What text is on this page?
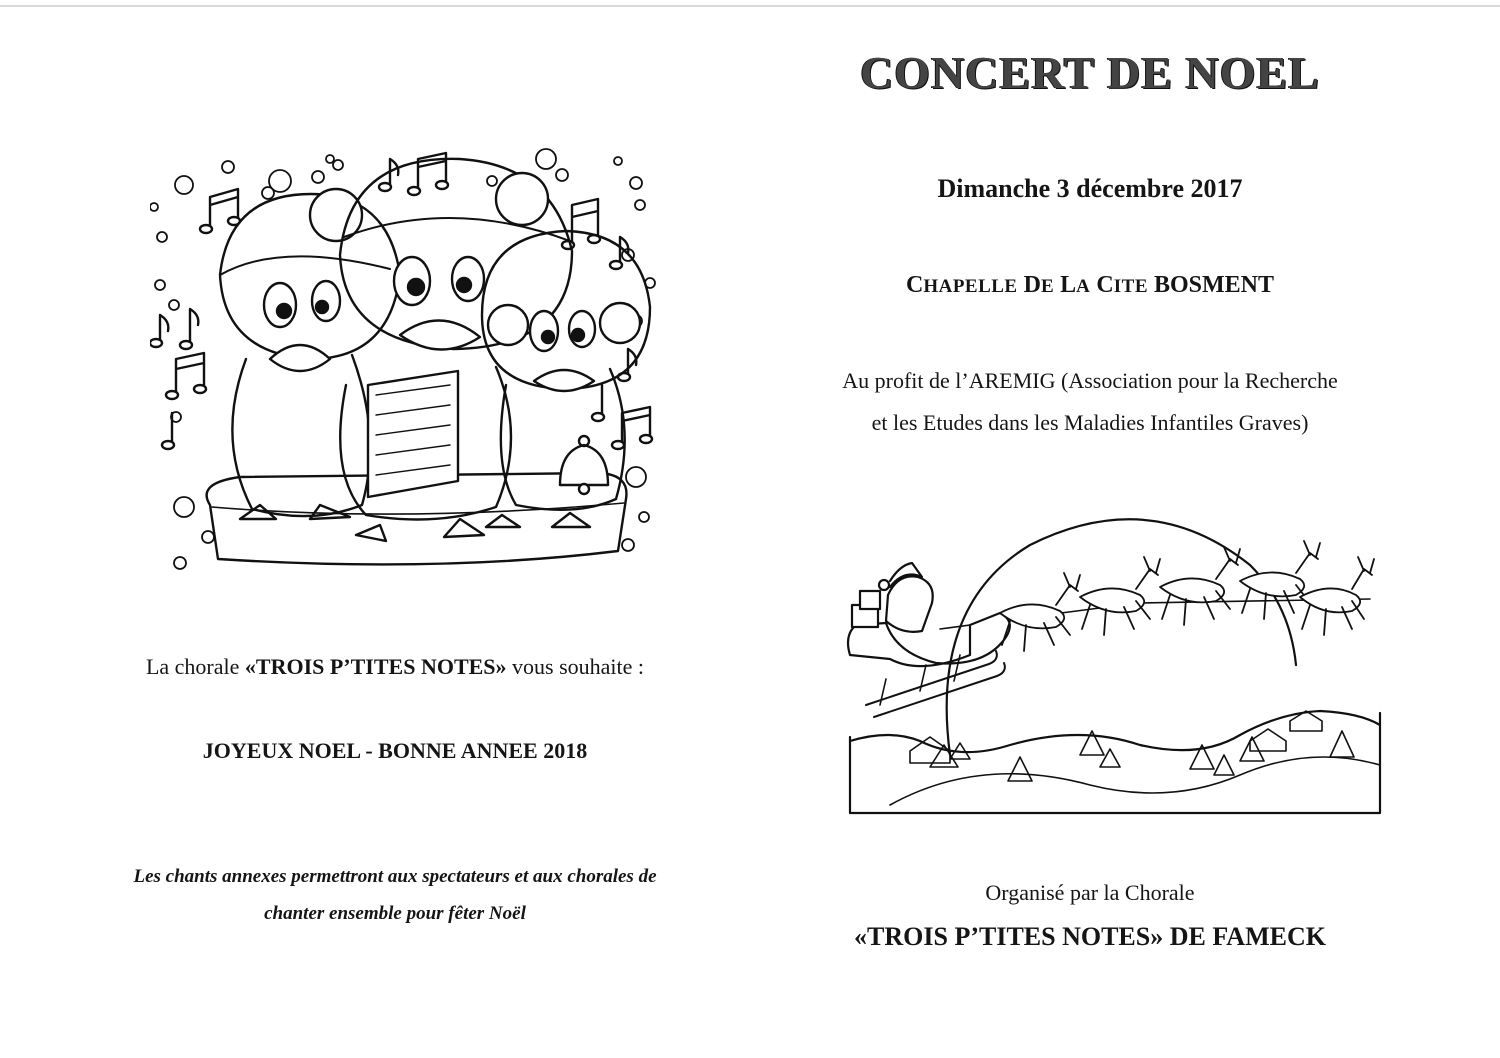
La chorale «TROIS P’TITES NOTES» vous souhaite :
JOYEUX NOEL - BONNE ANNEE 2018
Les chants annexes permettront aux spectateurs et aux chorales de
chanter ensemble pour fêter Noël
CONCERT DE NOEL
Dimanche 3 décembre 2017
CHAPELLE DE LA CITE BOSMENT
Au profit de l’AREMIG (Association pour la Recherche
et les Etudes dans les Maladies Infantiles Graves)
Organisé par la Chorale
«TROIS P’TITES NOTES» DE FAMECK
